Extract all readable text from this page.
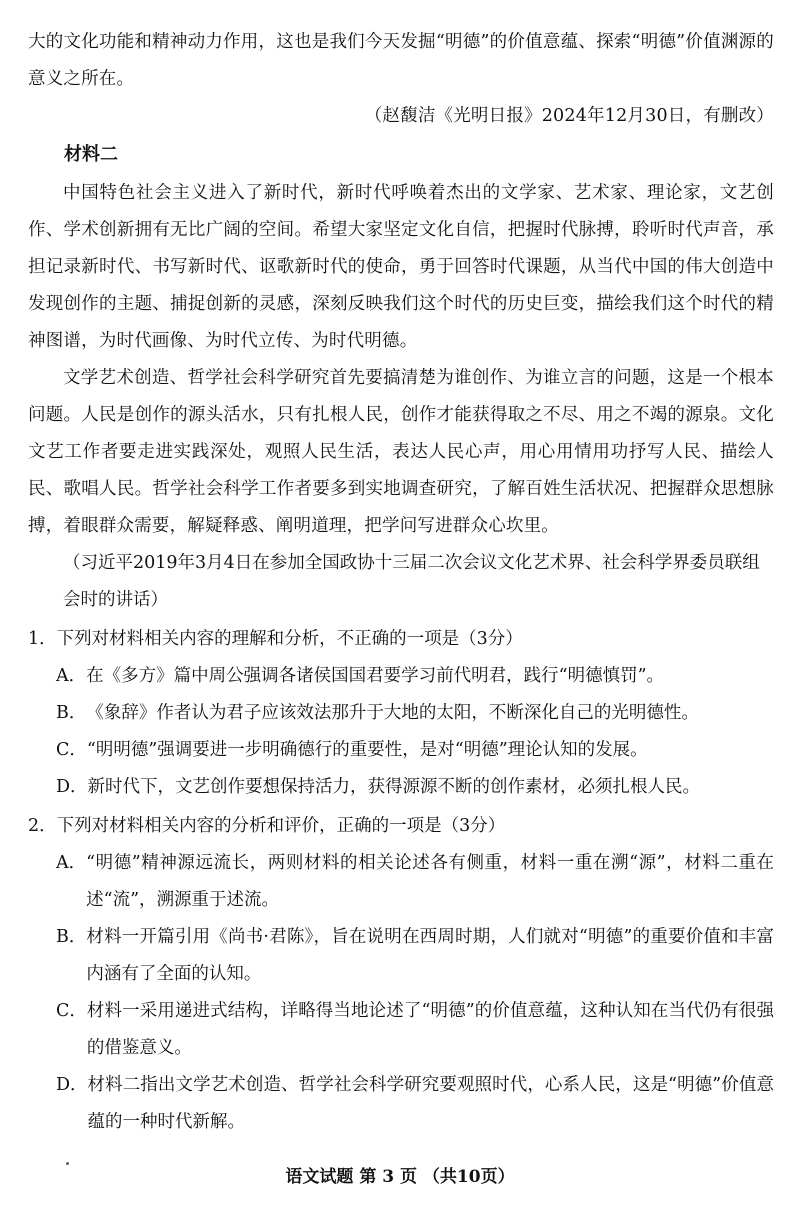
大的文化功能和精神动力作用，这也是我们今天发掘“明德”的价值意蕴、探索“明德”价值渊源的意义之所在。

（赵馥洁《光明日报》2024年12月30日，有删改）

材料二

中国特色社会主义进入了新时代，新时代呼唤着杰出的文学家、艺术家、理论家，文艺创作、学术创新拥有无比广阔的空间。希望大家坚定文化自信，把握时代脉搏，聆听时代声音，承担记录新时代、书写新时代、讴歌新时代的使命，勇于回答时代课题，从当代中国的伟大创造中发现创作的主题、捕捉创新的灵感，深刻反映我们这个时代的历史巨变，描绘我们这个时代的精神图谱，为时代画像、为时代立传、为时代明德。

文学艺术创造、哲学社会科学研究首先要搞清楚为谁创作、为谁立言的问题，这是一个根本问题。人民是创作的源头活水，只有扎根人民，创作才能获得取之不尽、用之不竭的源泉。文化文艺工作者要走进实践深处，观照人民生活，表达人民心声，用心用情用功抒写人民、描绘人民、歌唱人民。哲学社会科学工作者要多到实地调查研究，了解百姓生活状况、把握群众思想脉搏，着眼群众需要，解疑释惑、阐明道理，把学问写进群众心坎里。

（习近平2019年3月4日在参加全国政协十三届二次会议文化艺术界、社会科学界委员联组会时的讲话）

1．下列对材料相关内容的理解和分析，不正确的一项是（3分）

A． 在《多方》篇中周公强调各诸侯国国君要学习前代明君，践行“明德慎罚”。
B． 《象辞》作者认为君子应该效法那升于大地的太阳，不断深化自己的光明德性。
C． “明明德”强调要进一步明确德行的重要性，是对“明德”理论认知的发展。
D． 新时代下，文艺创作要想保持活力，获得源源不断的创作素材，必须扎根人民。

2．下列对材料相关内容的分析和评价，正确的一项是（3分）

A． “明德”精神源远流长，两则材料的相关论述各有侧重，材料一重在溯“源”，材料二重在述“流”，溯源重于述流。
B． 材料一开篇引用《尚书·君陈》，旨在说明在西周时期，人们就对“明德”的重要价值和丰富内涵有了全面的认知。
C． 材料一采用递进式结构，详略得当地论述了“明德”的价值意蕴，这种认知在当代仍有很强的借鉴意义。
D． 材料二指出文学艺术创造、哲学社会科学研究要观照时代，心系人民，这是“明德”价值意蕴的一种时代新解。
语文试题 第 3 页 （共10页）
